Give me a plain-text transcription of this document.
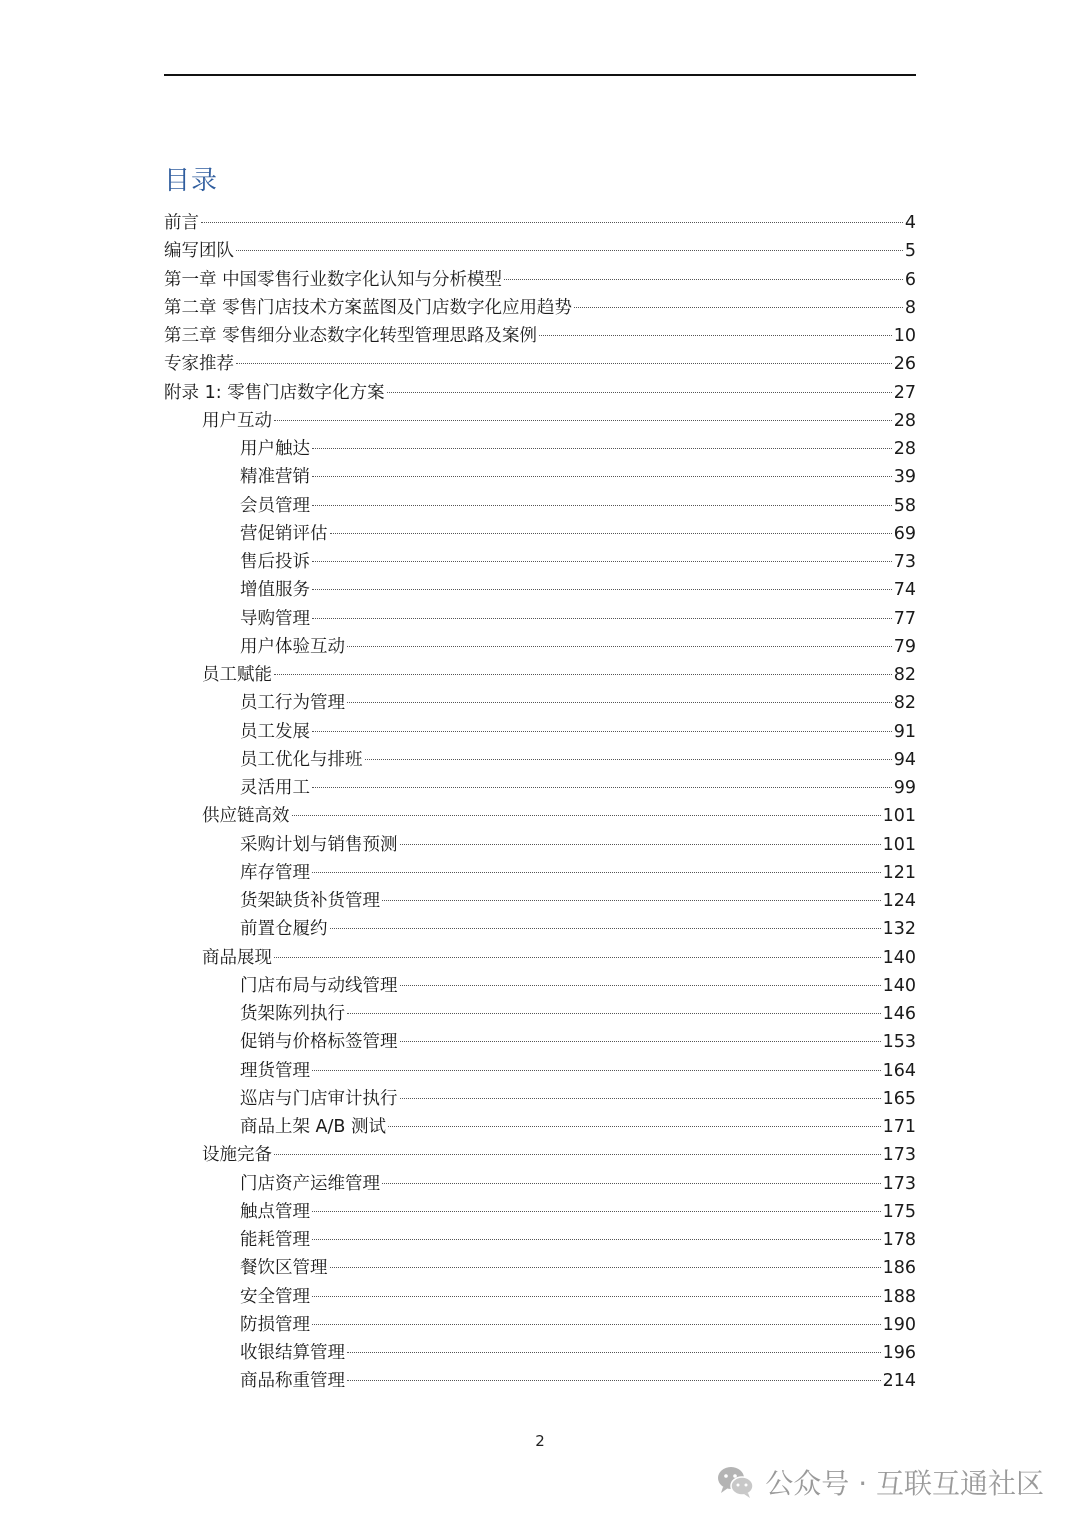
目录
前言	4
编写团队	5
第一章 中国零售行业数字化认知与分析模型	6
第二章 零售门店技术方案蓝图及门店数字化应用趋势	8
第三章 零售细分业态数字化转型管理思路及案例	10
专家推荐	26
附录 1: 零售门店数字化方案	27
用户互动	28
用户触达	28
精准营销	39
会员管理	58
营促销评估	69
售后投诉	73
增值服务	74
导购管理	77
用户体验互动	79
员工赋能	82
员工行为管理	82
员工发展	91
员工优化与排班	94
灵活用工	99
供应链高效	101
采购计划与销售预测	101
库存管理	121
货架缺货补货管理	124
前置仓履约	132
商品展现	140
门店布局与动线管理	140
货架陈列执行	146
促销与价格标签管理	153
理货管理	164
巡店与门店审计执行	165
商品上架 A/B 测试	171
设施完备	173
门店资产运维管理	173
触点管理	175
能耗管理	178
餐饮区管理	186
安全管理	188
防损管理	190
收银结算管理	196
商品称重管理	214
2
公众号 · 互联互通社区
